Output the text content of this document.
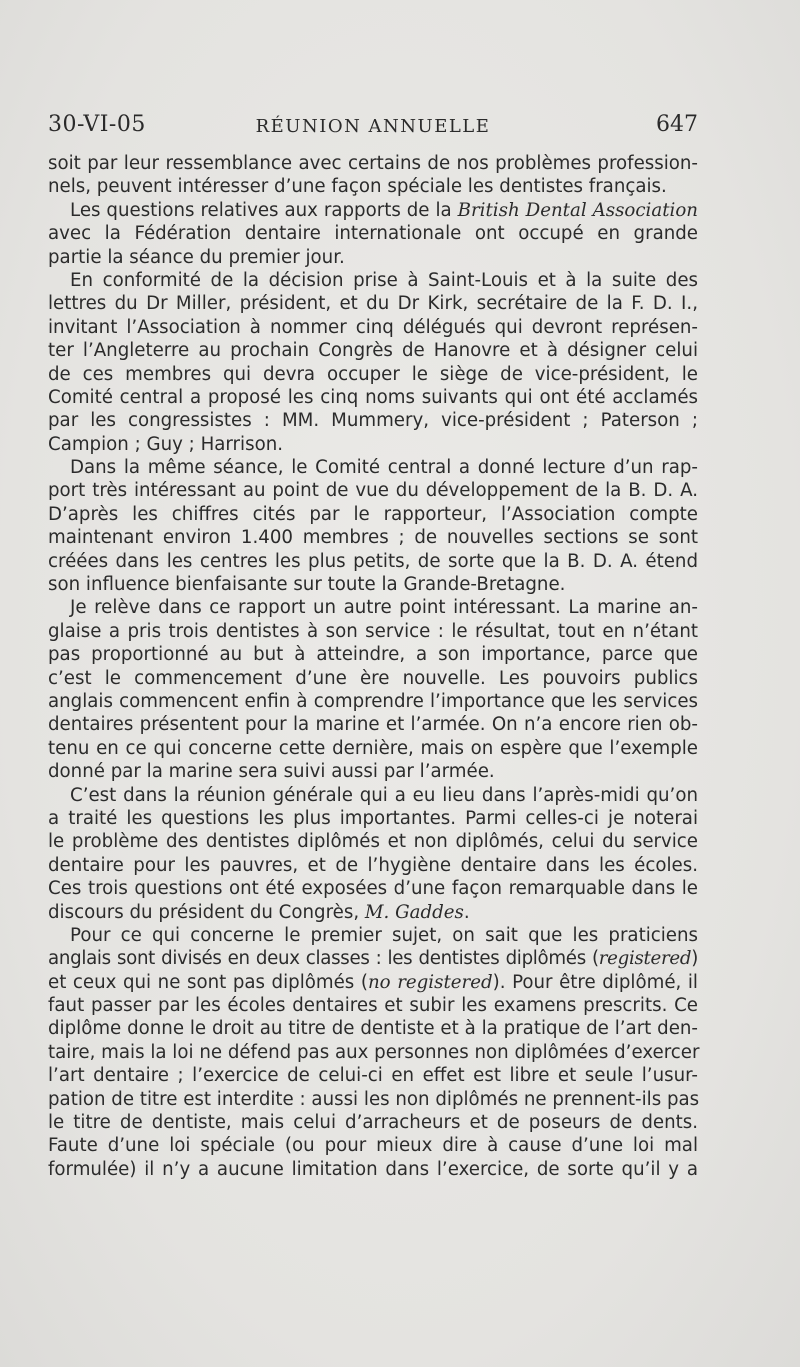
30-VI-05	RÉUNION ANNUELLE	647
soit par leur ressemblance avec certains de nos problèmes profession-
nels, peuvent intéresser d’une façon spéciale les dentistes français.
Les questions relatives aux rapports de la British Dental Association
avec la Fédération dentaire internationale ont occupé en grande
partie la séance du premier jour.
En conformité de la décision prise à Saint-Louis et à la suite des
lettres du Dr Miller, président, et du Dr Kirk, secrétaire de la F. D. I.,
invitant l’Association à nommer cinq délégués qui devront représen-
ter l’Angleterre au prochain Congrès de Hanovre et à désigner celui
de ces membres qui devra occuper le siège de vice-président, le
Comité central a proposé les cinq noms suivants qui ont été acclamés
par les congressistes : MM. Mummery, vice-président ; Paterson ;
Campion ; Guy ; Harrison.
Dans la même séance, le Comité central a donné lecture d’un rap-
port très intéressant au point de vue du développement de la B. D. A.
D’après les chiffres cités par le rapporteur, l’Association compte
maintenant environ 1.400 membres ; de nouvelles sections se sont
créées dans les centres les plus petits, de sorte que la B. D. A. étend
son influence bienfaisante sur toute la Grande-Bretagne.
Je relève dans ce rapport un autre point intéressant. La marine an-
glaise a pris trois dentistes à son service : le résultat, tout en n’étant
pas proportionné au but à atteindre, a son importance, parce que
c’est le commencement d’une ère nouvelle. Les pouvoirs publics
anglais commencent enfin à comprendre l’importance que les services
dentaires présentent pour la marine et l’armée. On n’a encore rien ob-
tenu en ce qui concerne cette dernière, mais on espère que l’exemple
donné par la marine sera suivi aussi par l’armée.
C’est dans la réunion générale qui a eu lieu dans l’après-midi qu’on
a traité les questions les plus importantes. Parmi celles-ci je noterai
le problème des dentistes diplômés et non diplômés, celui du service
dentaire pour les pauvres, et de l’hygiène dentaire dans les écoles.
Ces trois questions ont été exposées d’une façon remarquable dans le
discours du président du Congrès, M. Gaddes.
Pour ce qui concerne le premier sujet, on sait que les praticiens
anglais sont divisés en deux classes : les dentistes diplômés (registered)
et ceux qui ne sont pas diplômés (no registered). Pour être diplômé, il
faut passer par les écoles dentaires et subir les examens prescrits. Ce
diplôme donne le droit au titre de dentiste et à la pratique de l’art den-
taire, mais la loi ne défend pas aux personnes non diplômées d’exercer
l’art dentaire ; l’exercice de celui-ci en effet est libre et seule l’usur-
pation de titre est interdite : aussi les non diplômés ne prennent-ils pas
le titre de dentiste, mais celui d’arracheurs et de poseurs de dents.
Faute d’une loi spéciale (ou pour mieux dire à cause d’une loi mal
formulée) il n’y a aucune limitation dans l’exercice, de sorte qu’il y a
